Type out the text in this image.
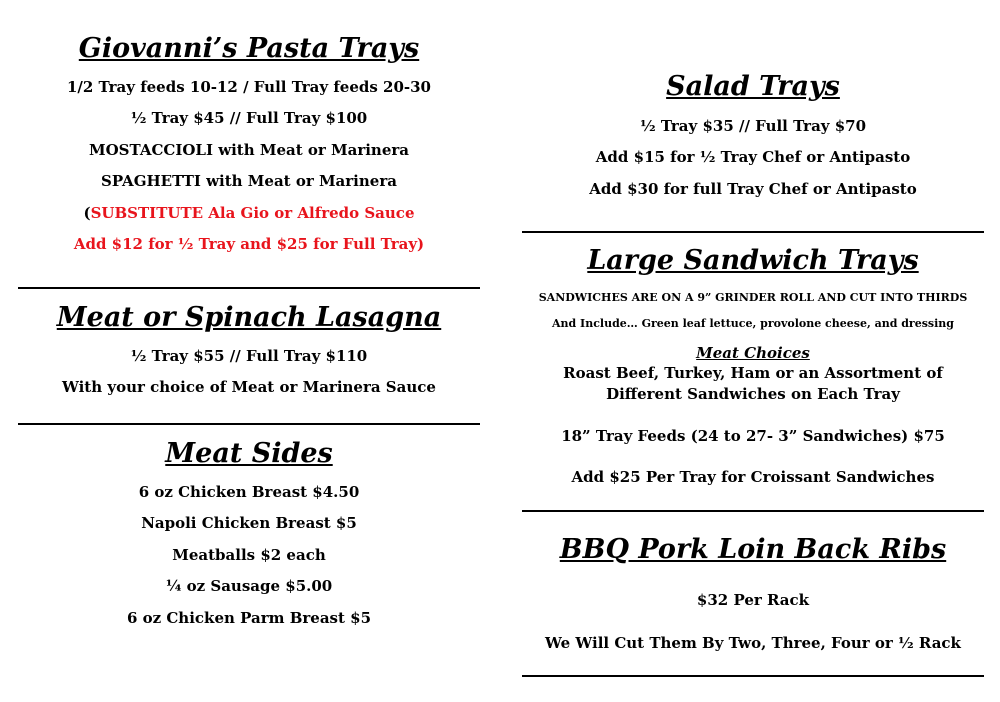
Giovanni’s Pasta Trays
1/2 Tray feeds 10-12 / Full Tray feeds 20-30
½ Tray $45 // Full Tray $100
MOSTACCIOLI with Meat or Marinera
SPAGHETTI with Meat or Marinera
(SUBSTITUTE Ala Gio or Alfredo Sauce
Add $12 for ½ Tray and $25 for Full Tray)
Meat or Spinach Lasagna
½ Tray $55 // Full Tray $110
With your choice of Meat or Marinera Sauce
Meat Sides
6 oz Chicken Breast $4.50
Napoli Chicken Breast $5
Meatballs $2 each
¼ oz Sausage $5.00
6 oz Chicken Parm Breast $5
Salad Trays
½ Tray $35 // Full Tray $70
Add $15 for ½ Tray Chef or Antipasto
Add $30 for full Tray Chef or Antipasto
Large Sandwich Trays
SANDWICHES ARE ON A 9” GRINDER ROLL AND CUT INTO THIRDS
And Include… Green leaf lettuce, provolone cheese, and dressing
Meat Choices
Roast Beef, Turkey, Ham or an Assortment of
Different Sandwiches on Each Tray
18” Tray Feeds (24 to 27- 3” Sandwiches) $75
Add $25 Per Tray for Croissant Sandwiches
BBQ Pork Loin Back Ribs
$32 Per Rack
We Will Cut Them By Two, Three, Four or ½ Rack
